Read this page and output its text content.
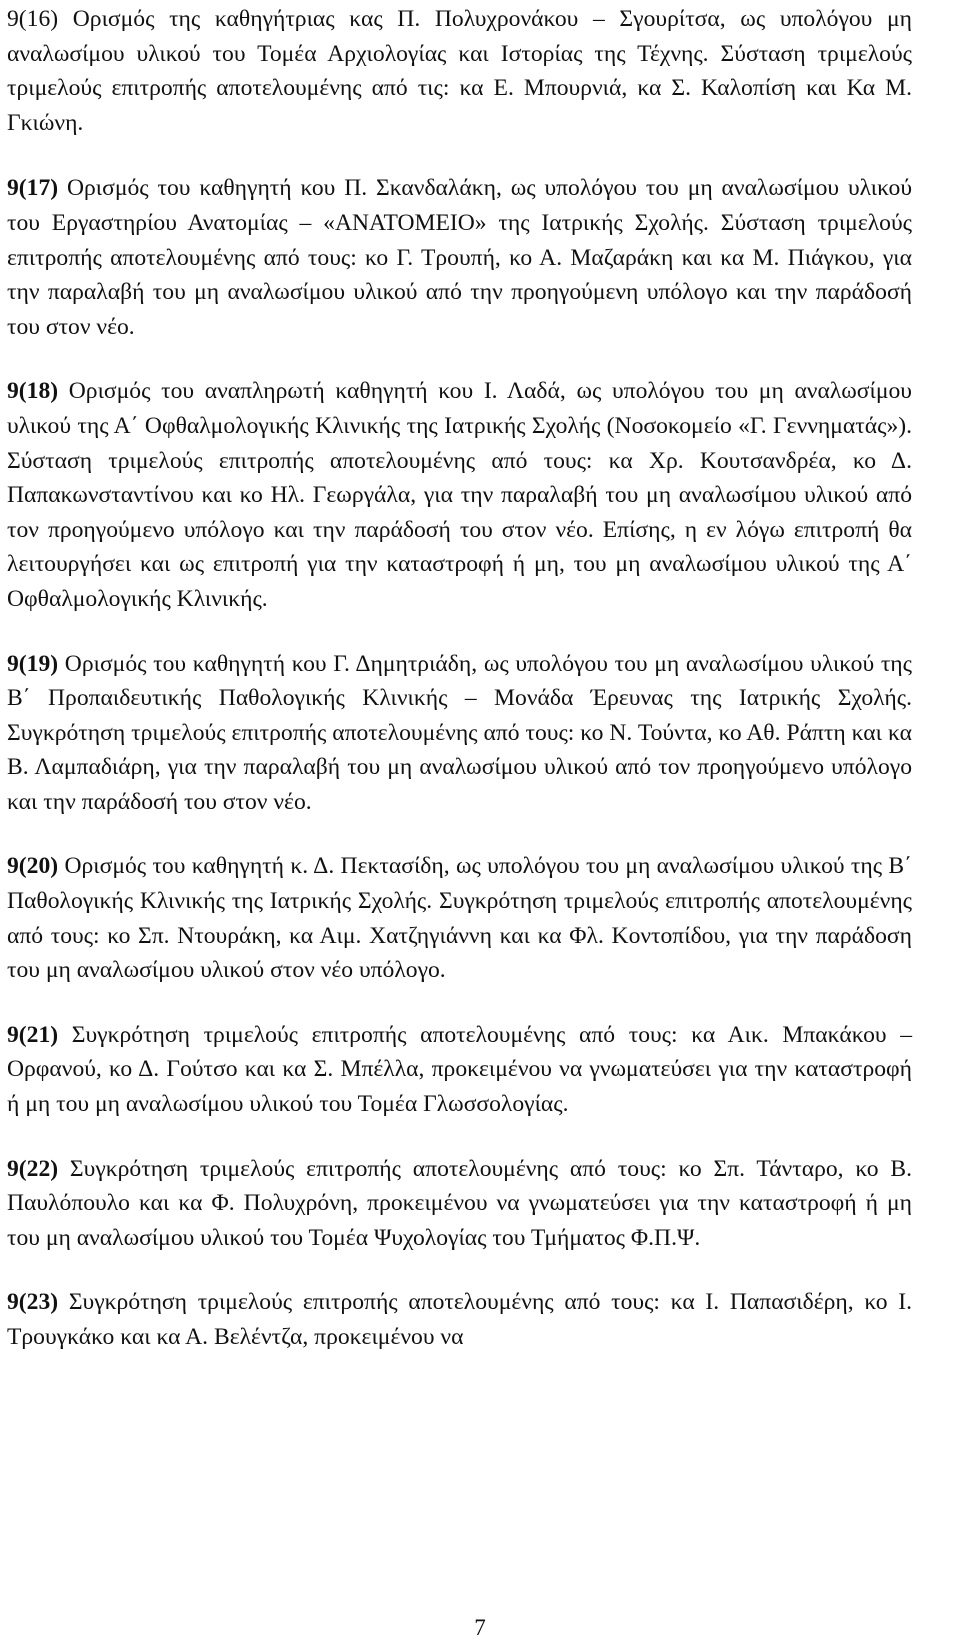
9(16) Ορισμός της καθηγήτριας κας Π. Πολυχρονάκου – Σγουρίτσα, ως υπολόγου μη αναλωσίμου υλικού του Τομέα Αρχιολογίας και Ιστορίας της Τέχνης. Σύσταση τριμελούς τριμελούς επιτροπής αποτελουμένης από τις: κα Ε. Μπουρνιά, κα Σ. Καλοπίση και Κα Μ. Γκιώνη.

9(17) Ορισμός του καθηγητή κου Π. Σκανδαλάκη, ως υπολόγου του μη αναλωσίμου υλικού του Εργαστηρίου Ανατομίας – «ΑΝΑΤΟΜΕΙΟ» της Ιατρικής Σχολής. Σύσταση τριμελούς επιτροπής αποτελουμένης από τους: κο Γ. Τρουπή, κο Α. Μαζαράκη και κα Μ. Πιάγκου, για την παραλαβή του μη αναλωσίμου υλικού από την προηγούμενη υπόλογο και την παράδοσή του στον νέο.

9(18) Ορισμός του αναπληρωτή καθηγητή κου Ι. Λαδά, ως υπολόγου του μη αναλωσίμου υλικού της Α΄ Οφθαλμολογικής Κλινικής της Ιατρικής Σχολής (Νοσοκομείο «Γ. Γεννηματάς»). Σύσταση τριμελούς επιτροπής αποτελουμένης από τους: κα Χρ. Κουτσανδρέα, κο Δ. Παπακωνσταντίνου και κο Ηλ. Γεωργάλα, για την παραλαβή του μη αναλωσίμου υλικού από τον προηγούμενο υπόλογο και την παράδοσή του στον νέο. Επίσης, η εν λόγω επιτροπή θα λειτουργήσει και ως επιτροπή για την καταστροφή ή μη, του μη αναλωσίμου υλικού της Α΄ Οφθαλμολογικής Κλινικής.

9(19) Ορισμός του καθηγητή κου Γ. Δημητριάδη, ως υπολόγου του μη αναλωσίμου υλικού της Β΄ Προπαιδευτικής Παθολογικής Κλινικής – Μονάδα Έρευνας της Ιατρικής Σχολής. Συγκρότηση τριμελούς επιτροπής αποτελουμένης από τους: κο Ν. Τούντα, κο Αθ. Ράπτη και κα Β. Λαμπαδιάρη, για την παραλαβή του μη αναλωσίμου υλικού από τον προηγούμενο υπόλογο και την παράδοσή του στον νέο.

9(20) Ορισμός του καθηγητή κ. Δ. Πεκτασίδη, ως υπολόγου του μη αναλωσίμου υλικού της Β΄ Παθολογικής Κλινικής της Ιατρικής Σχολής. Συγκρότηση τριμελούς επιτροπής αποτελουμένης από τους: κο Σπ. Ντουράκη, κα Αιμ. Χατζηγιάννη και κα Φλ. Κοντοπίδου, για την παράδοση του μη αναλωσίμου υλικού στον νέο υπόλογο.

9(21) Συγκρότηση τριμελούς επιτροπής αποτελουμένης από τους: κα Αικ. Μπακάκου – Ορφανού, κο Δ. Γούτσο και κα Σ. Μπέλλα, προκειμένου να γνωματεύσει για την καταστροφή ή μη του μη αναλωσίμου υλικού του Τομέα Γλωσσολογίας.

9(22) Συγκρότηση τριμελούς επιτροπής αποτελουμένης από τους: κο Σπ. Τάνταρο, κο Β. Παυλόπουλο και κα Φ. Πολυχρόνη, προκειμένου να γνωματεύσει για την καταστροφή ή μη του μη αναλωσίμου υλικού του Τομέα Ψυχολογίας του Τμήματος Φ.Π.Ψ.

9(23) Συγκρότηση τριμελούς επιτροπής αποτελουμένης από τους: κα Ι. Παπασιδέρη, κο Ι. Τρουγκάκο και κα Α. Βελέντζα, προκειμένου να

7
